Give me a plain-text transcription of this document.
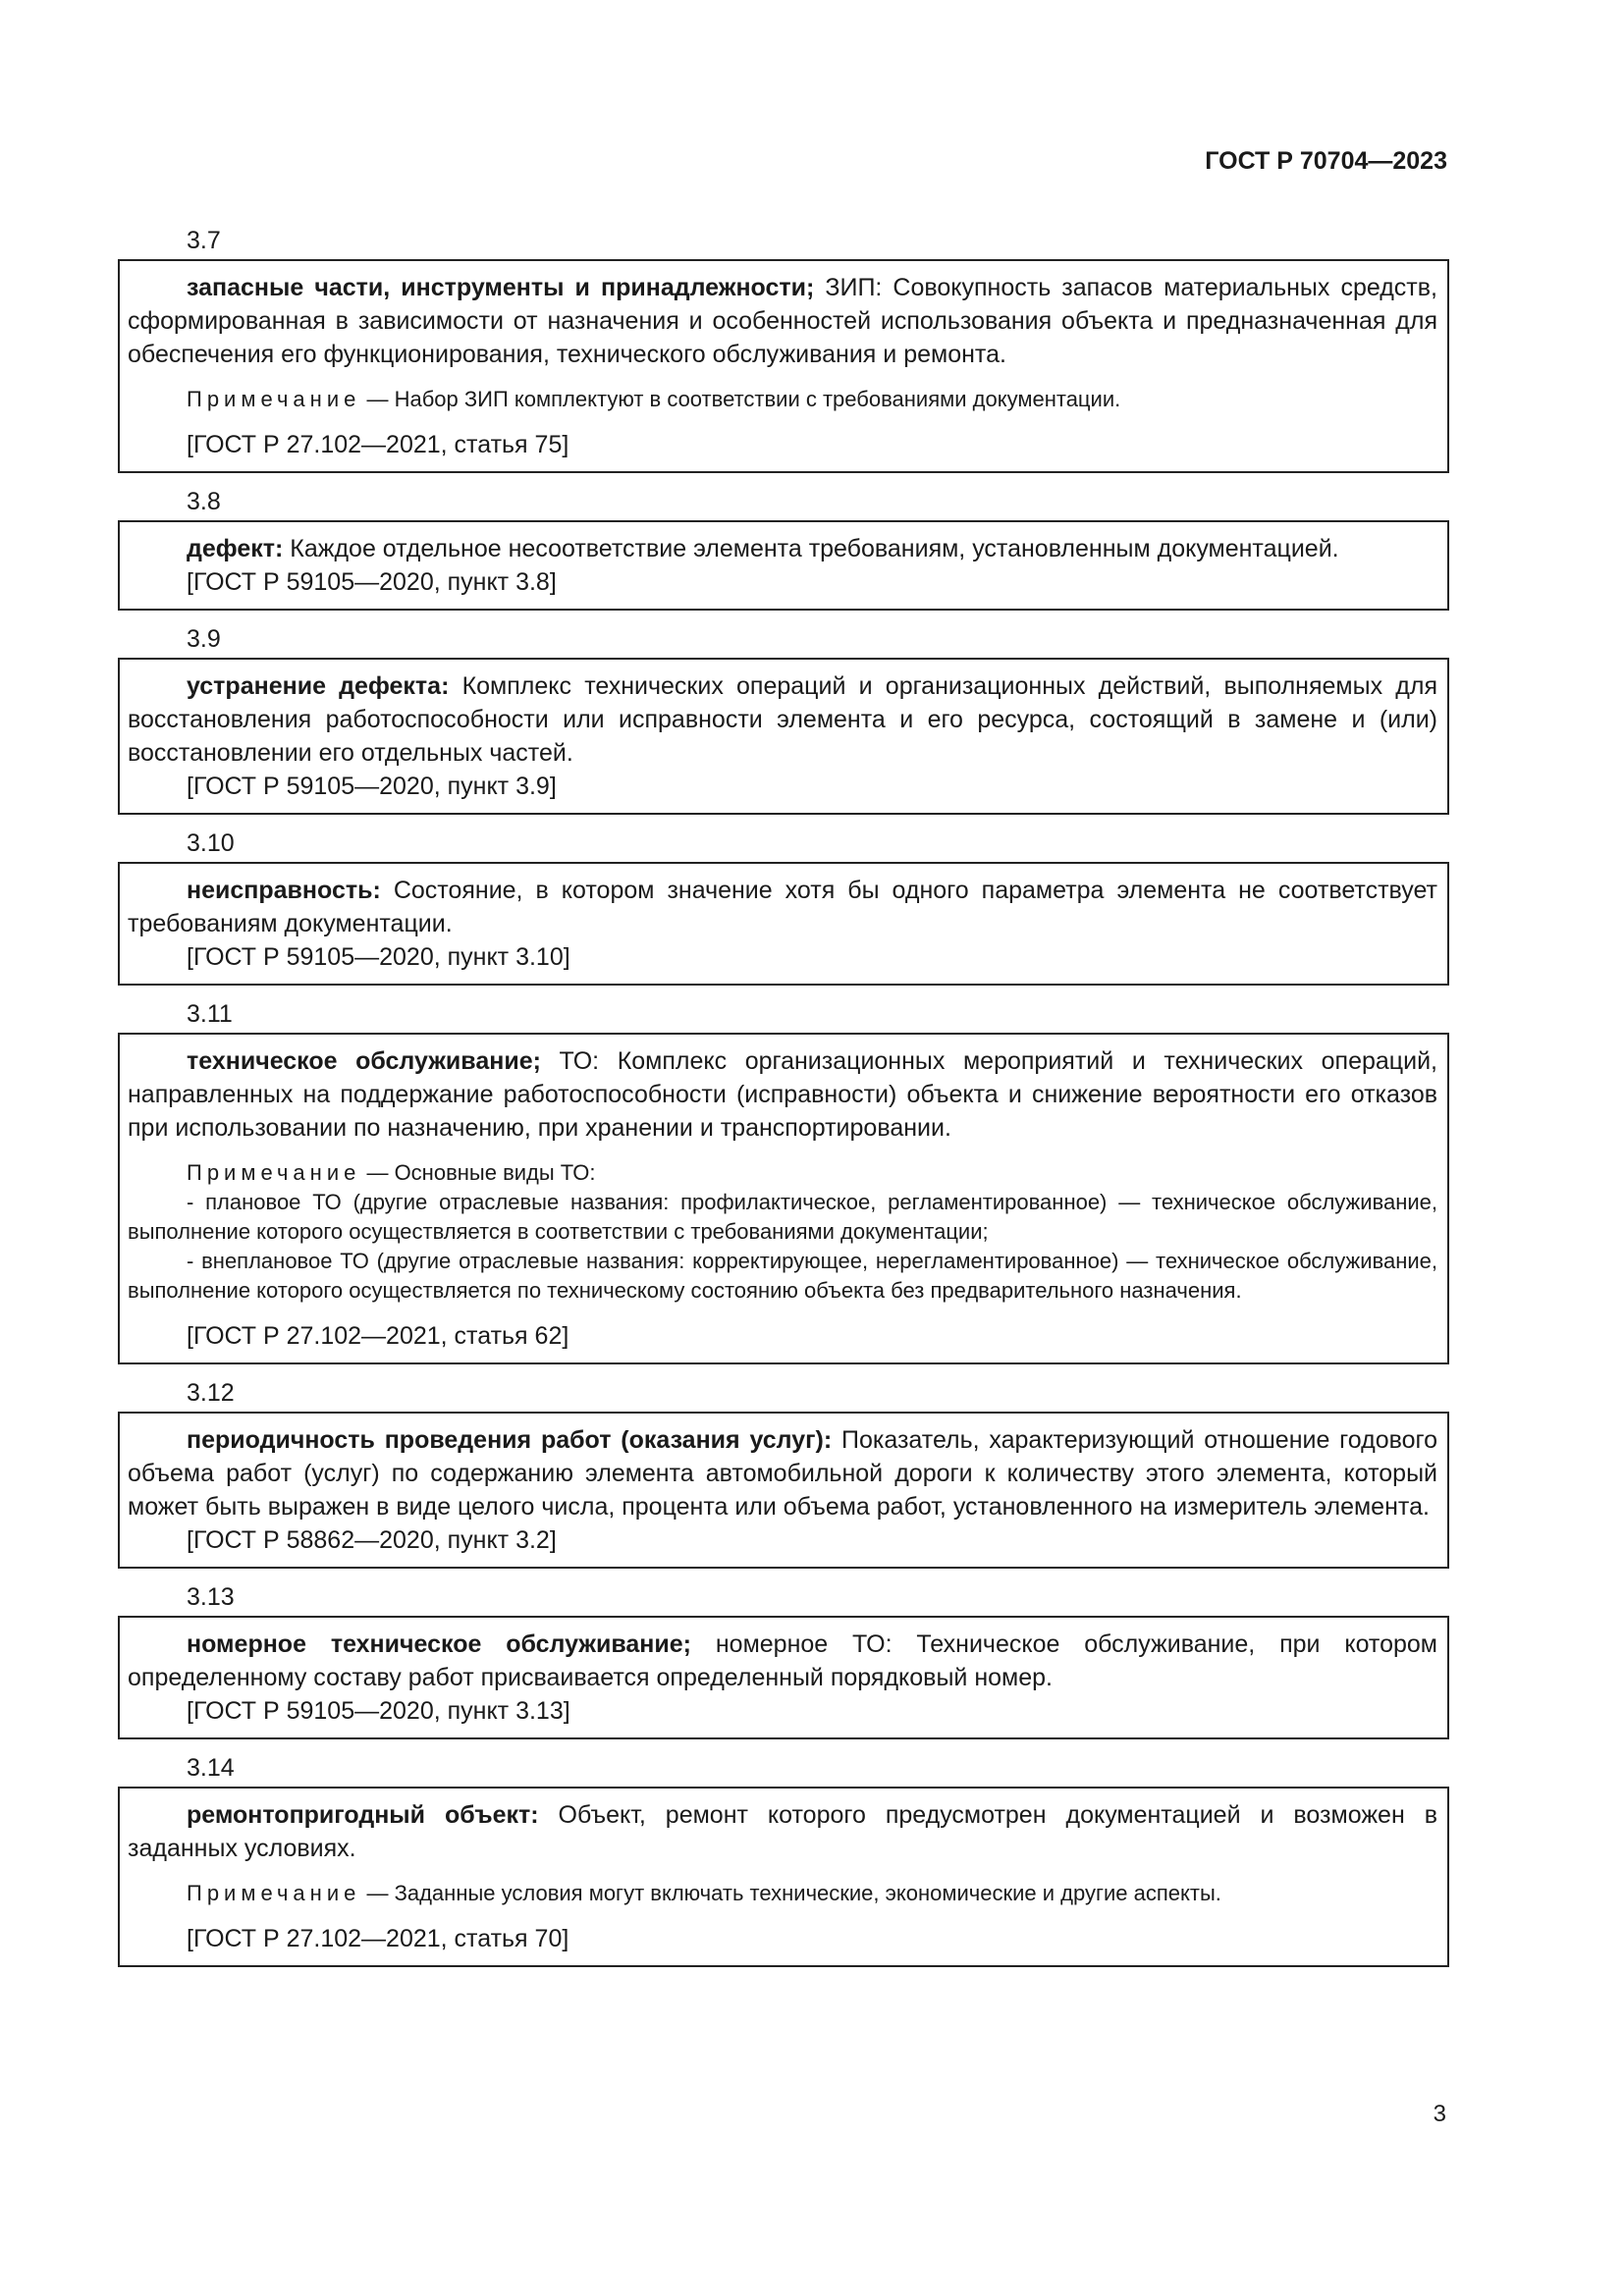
ГОСТ Р 70704—2023

3.7

запасные части, инструменты и принадлежности; ЗИП: Совокупность запасов материальных средств, сформированная в зависимости от назначения и особенностей использования объекта и предназначенная для обеспечения его функционирования, технического обслуживания и ремонта.

Примечание — Набор ЗИП комплектуют в соответствии с требованиями документации.

[ГОСТ Р 27.102—2021, статья 75]

3.8

дефект: Каждое отдельное несоответствие элемента требованиям, установленным документацией.

[ГОСТ Р 59105—2020, пункт 3.8]

3.9

устранение дефекта: Комплекс технических операций и организационных действий, выполняемых для восстановления работоспособности или исправности элемента и его ресурса, состоящий в замене и (или) восстановлении его отдельных частей.

[ГОСТ Р 59105—2020, пункт 3.9]

3.10

неисправность: Состояние, в котором значение хотя бы одного параметра элемента не соответствует требованиям документации.

[ГОСТ Р 59105—2020, пункт 3.10]

3.11

техническое обслуживание; ТО: Комплекс организационных мероприятий и технических операций, направленных на поддержание работоспособности (исправности) объекта и снижение вероятности его отказов при использовании по назначению, при хранении и транспортировании.

Примечание — Основные виды ТО:

- плановое ТО (другие отраслевые названия: профилактическое, регламентированное) — техническое обслуживание, выполнение которого осуществляется в соответствии с требованиями документации;

- внеплановое ТО (другие отраслевые названия: корректирующее, нерегламентированное) — техническое обслуживание, выполнение которого осуществляется по техническому состоянию объекта без предварительного назначения.

[ГОСТ Р 27.102—2021, статья 62]

3.12

периодичность проведения работ (оказания услуг): Показатель, характеризующий отношение годового объема работ (услуг) по содержанию элемента автомобильной дороги к количеству этого элемента, который может быть выражен в виде целого числа, процента или объема работ, установленного на измеритель элемента.

[ГОСТ Р 58862—2020, пункт 3.2]

3.13

номерное техническое обслуживание; номерное ТО: Техническое обслуживание, при котором определенному составу работ присваивается определенный порядковый номер.

[ГОСТ Р 59105—2020, пункт 3.13]

3.14

ремонтопригодный объект: Объект, ремонт которого предусмотрен документацией и возможен в заданных условиях.

Примечание — Заданные условия могут включать технические, экономические и другие аспекты.

[ГОСТ Р 27.102—2021, статья 70]

3
